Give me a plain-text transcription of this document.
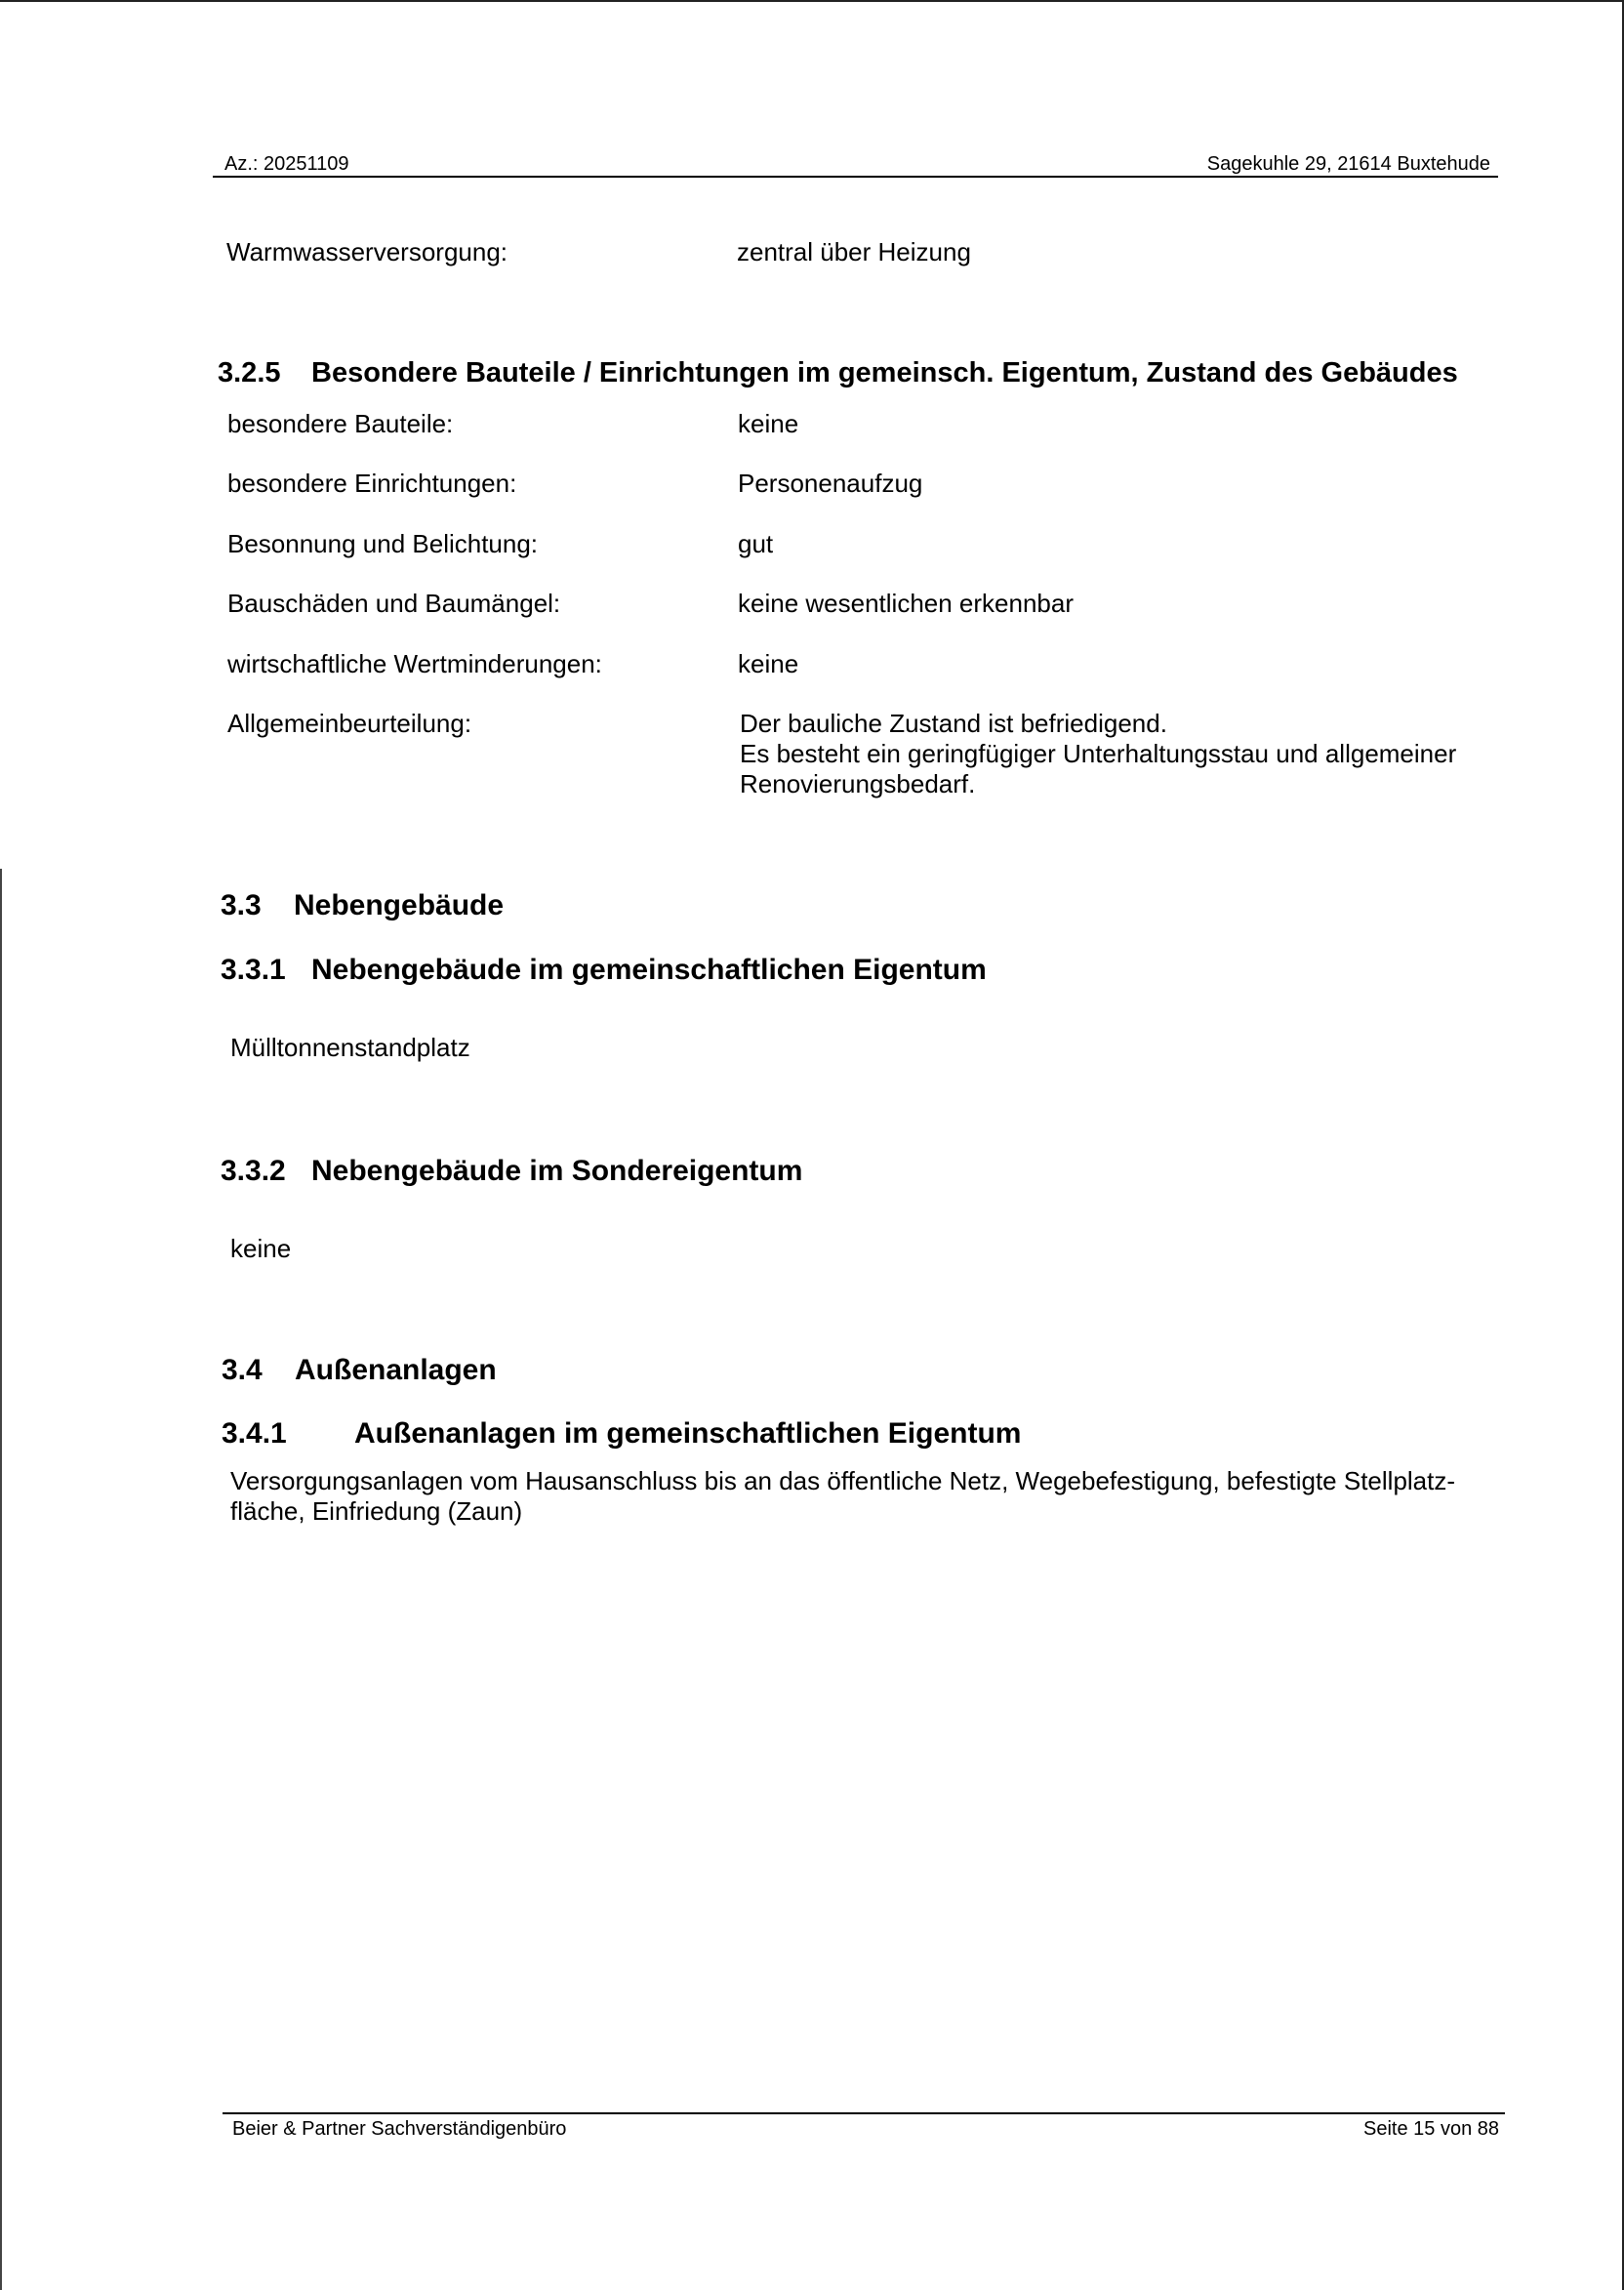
Az.: 20251109	Sagekuhle 29, 21614 Buxtehude
Warmwasserversorgung:	zentral über Heizung
3.2.5 Besondere Bauteile / Einrichtungen im gemeinsch. Eigentum, Zustand des Gebäudes
besondere Bauteile:	keine
besondere Einrichtungen:	Personenaufzug
Besonnung und Belichtung:	gut
Bauschäden und Baumängel:	keine wesentlichen erkennbar
wirtschaftliche Wertminderungen:	keine
Allgemeinbeurteilung:	Der bauliche Zustand ist befriedigend.
Es besteht ein geringfügiger Unterhaltungsstau und allgemeiner
Renovierungsbedarf.
3.3 Nebengebäude
3.3.1 Nebengebäude im gemeinschaftlichen Eigentum
Mülltonnenstandplatz
3.3.2 Nebengebäude im Sondereigentum
keine
3.4 Außenanlagen
3.4.1 Außenanlagen im gemeinschaftlichen Eigentum
Versorgungsanlagen vom Hausanschluss bis an das öffentliche Netz, Wegebefestigung, befestigte Stellplatz-
fläche, Einfriedung (Zaun)
Beier & Partner Sachverständigenbüro	Seite 15 von 88
